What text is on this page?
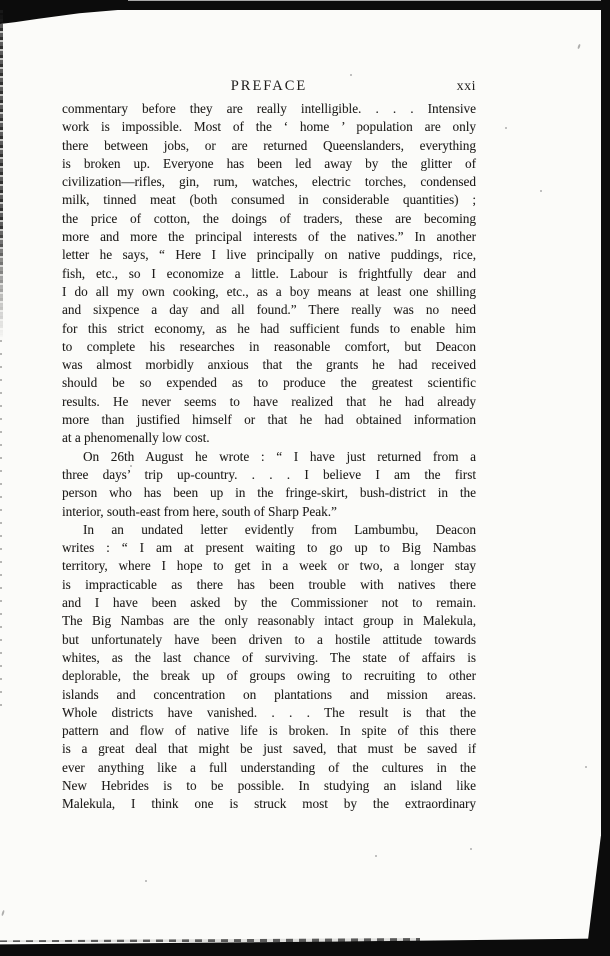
PREFACE	xxi
commentary before they are really intelligible. . . . Intensive
work is impossible. Most of the ‘ home ’ population are only
there between jobs, or are returned Queenslanders, everything
is broken up. Everyone has been led away by the glitter of
civilization—rifles, gin, rum, watches, electric torches, condensed
milk, tinned meat (both consumed in considerable quantities) ;
the price of cotton, the doings of traders, these are becoming
more and more the principal interests of the natives.” In another
letter he says, “ Here I live principally on native puddings, rice,
fish, etc., so I economize a little. Labour is frightfully dear and
I do all my own cooking, etc., as a boy means at least one shilling
and sixpence a day and all found.” There really was no need
for this strict economy, as he had sufficient funds to enable him
to complete his researches in reasonable comfort, but Deacon
was almost morbidly anxious that the grants he had received
should be so expended as to produce the greatest scientific
results. He never seems to have realized that he had already
more than justified himself or that he had obtained information
at a phenomenally low cost.
On 26th August he wrote : “ I have just returned from a
three days’ trip up-country. . . . I believe I am the first
person who has been up in the fringe-skirt, bush-district in the
interior, south-east from here, south of Sharp Peak.”
In an undated letter evidently from Lambumbu, Deacon
writes : “ I am at present waiting to go up to Big Nambas
territory, where I hope to get in a week or two, a longer stay
is impracticable as there has been trouble with natives there
and I have been asked by the Commissioner not to remain.
The Big Nambas are the only reasonably intact group in Malekula,
but unfortunately have been driven to a hostile attitude towards
whites, as the last chance of surviving. The state of affairs is
deplorable, the break up of groups owing to recruiting to other
islands and concentration on plantations and mission areas.
Whole districts have vanished. . . . The result is that the
pattern and flow of native life is broken. In spite of this there
is a great deal that might be just saved, that must be saved if
ever anything like a full understanding of the cultures in the
New Hebrides is to be possible. In studying an island like
Malekula, I think one is struck most by the extraordinary
